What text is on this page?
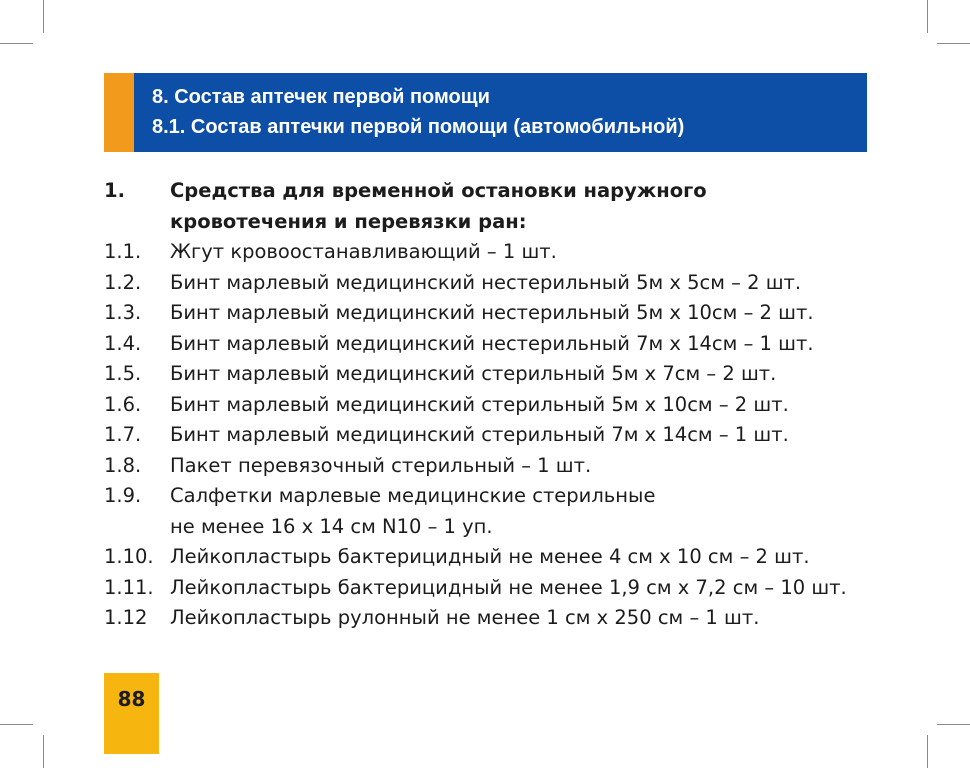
8. Состав аптечек первой помощи
8.1. Состав аптечки первой помощи (автомобильной)
1. Средства для временной остановки наружного
кровотечения и перевязки ран:
1.1. Жгут кровоостанавливающий – 1 шт.
1.2. Бинт марлевый медицинский нестерильный 5м х 5см – 2 шт.
1.3. Бинт марлевый медицинский нестерильный 5м х 10см – 2 шт.
1.4. Бинт марлевый медицинский нестерильный 7м х 14см – 1 шт.
1.5. Бинт марлевый медицинский стерильный 5м х 7см – 2 шт.
1.6. Бинт марлевый медицинский стерильный 5м х 10см – 2 шт.
1.7. Бинт марлевый медицинский стерильный 7м х 14см – 1 шт.
1.8. Пакет перевязочный стерильный – 1 шт.
1.9. Салфетки марлевые медицинские стерильные
не менее 16 х 14 см N10 – 1 уп.
1.10. Лейкопластырь бактерицидный не менее 4 см х 10 см – 2 шт.
1.11. Лейкопластырь бактерицидный не менее 1,9 см х 7,2 см – 10 шт.
1.12 Лейкопластырь рулонный не менее 1 см х 250 см – 1 шт.
88
